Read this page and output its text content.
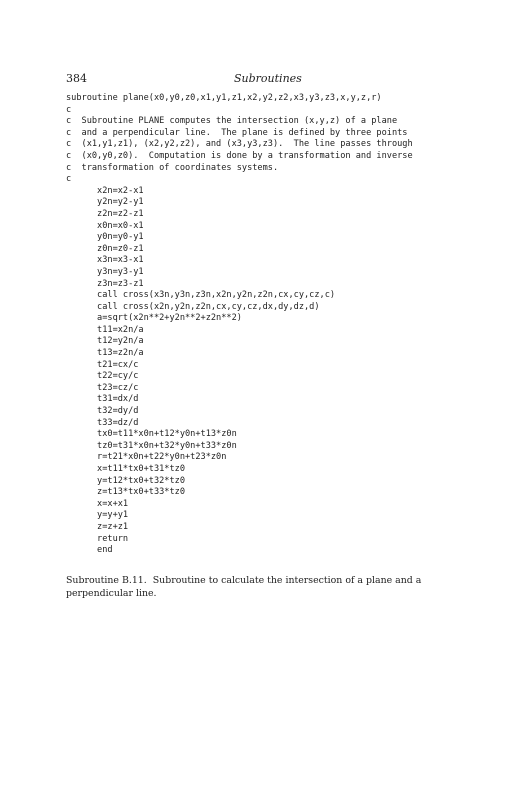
384	Subroutines
subroutine plane(x0,y0,z0,x1,y1,z1,x2,y2,z2,x3,y3,z3,x,y,z,r)
c
c  Subroutine PLANE computes the intersection (x,y,z) of a plane
c  and a perpendicular line.  The plane is defined by three points
c  (x1,y1,z1), (x2,y2,z2), and (x3,y3,z3).  The line passes through
c  (x0,y0,z0).  Computation is done by a transformation and inverse
c  transformation of coordinates systems.
c
x2n=x2-x1
y2n=y2-y1
z2n=z2-z1
x0n=x0-x1
y0n=y0-y1
z0n=z0-z1
x3n=x3-x1
y3n=y3-y1
z3n=z3-z1
call cross(x3n,y3n,z3n,x2n,y2n,z2n,cx,cy,cz,c)
call cross(x2n,y2n,z2n,cx,cy,cz,dx,dy,dz,d)
a=sqrt(x2n**2+y2n**2+z2n**2)
t11=x2n/a
t12=y2n/a
t13=z2n/a
t21=cx/c
t22=cy/c
t23=cz/c
t31=dx/d
t32=dy/d
t33=dz/d
tx0=t11*x0n+t12*y0n+t13*z0n
tz0=t31*x0n+t32*y0n+t33*z0n
r=t21*x0n+t22*y0n+t23*z0n
x=t11*tx0+t31*tz0
y=t12*tx0+t32*tz0
z=t13*tx0+t33*tz0
x=x+x1
y=y+y1
z=z+z1
return
end

Subroutine B.11. Subroutine to calculate the intersection of a plane and a perpendicular line.
